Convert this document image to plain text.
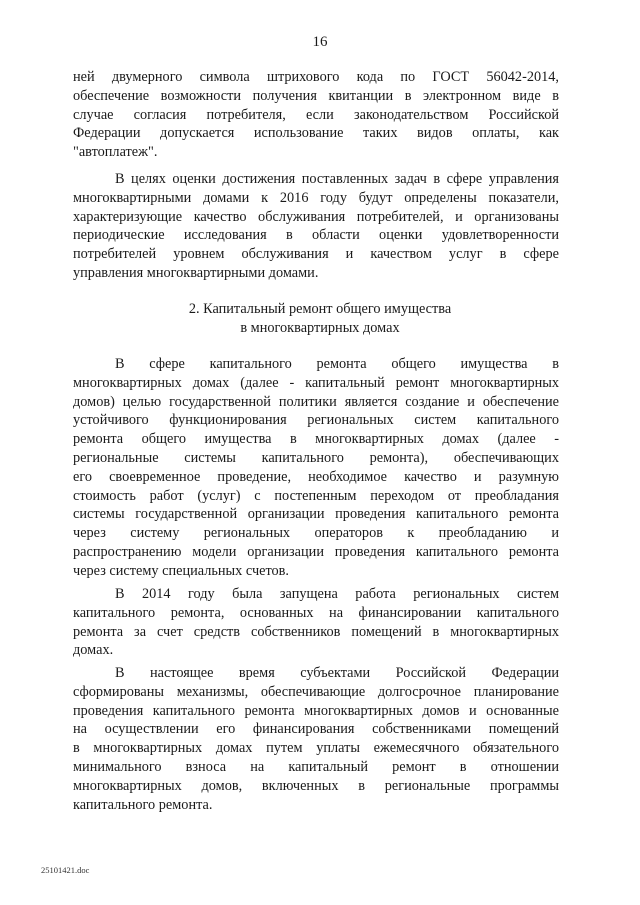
16
ней двумерного символа штрихового кода по ГОСТ 56042-2014,
обеспечение возможности получения квитанции в электронном виде в
случае согласия потребителя, если законодательством Российской
Федерации допускается использование таких видов оплаты, как
"автоплатеж".
В целях оценки достижения поставленных задач в сфере управления
многоквартирными домами к 2016 году будут определены показатели,
характеризующие качество обслуживания потребителей, и организованы
периодические исследования в области оценки удовлетворенности
потребителей уровнем обслуживания и качеством услуг в сфере
управления многоквартирными домами.
2. Капитальный ремонт общего имущества
в многоквартирных домах
В сфере капитального ремонта общего имущества в
многоквартирных домах (далее - капитальный ремонт многоквартирных
домов) целью государственной политики является создание и обеспечение
устойчивого функционирования региональных систем капитального
ремонта общего имущества в многоквартирных домах (далее -
региональные системы капитального ремонта), обеспечивающих
его своевременное проведение, необходимое качество и разумную
стоимость работ (услуг) с постепенным переходом от преобладания
системы государственной организации проведения капитального ремонта
через систему региональных операторов к преобладанию и
распространению модели организации проведения капитального ремонта
через систему специальных счетов.
В 2014 году была запущена работа региональных систем
капитального ремонта, основанных на финансировании капитального
ремонта за счет средств собственников помещений в многоквартирных
домах.
В настоящее время субъектами Российской Федерации
сформированы механизмы, обеспечивающие долгосрочное планирование
проведения капитального ремонта многоквартирных домов и основанные
на осуществлении его финансирования собственниками помещений
в многоквартирных домах путем уплаты ежемесячного обязательного
минимального взноса на капитальный ремонт в отношении
многоквартирных домов, включенных в региональные программы
капитального ремонта.
25101421.doc
